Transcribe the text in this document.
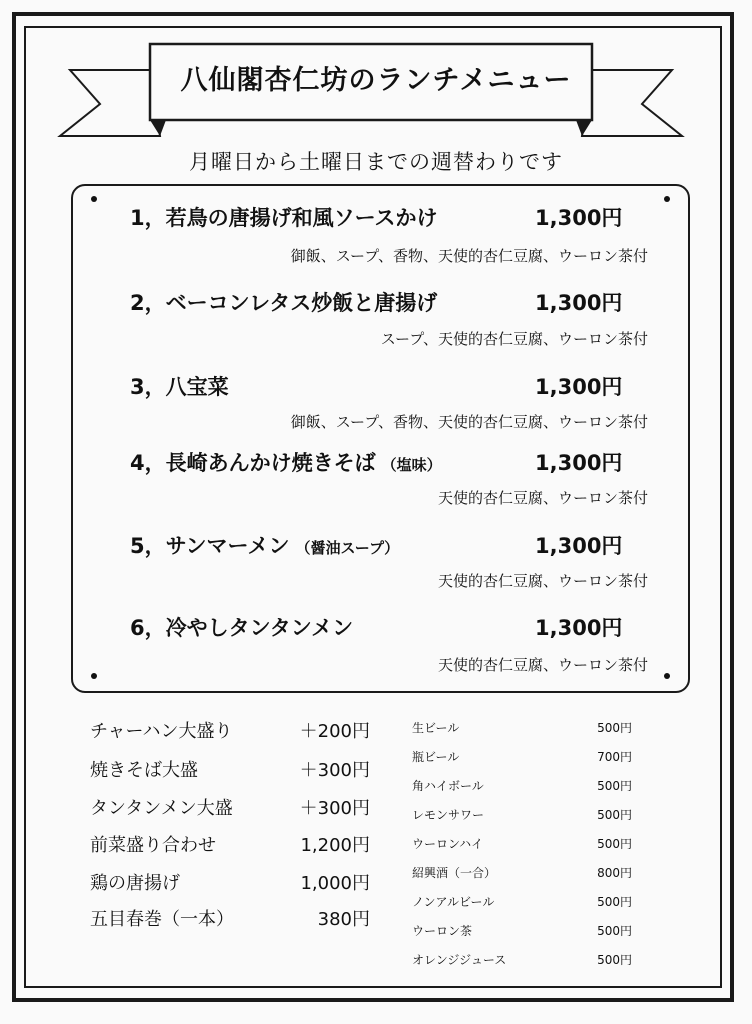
八仙閣杏仁坊のランチメニュー
月曜日から土曜日までの週替わりです
1，若鳥の唐揚げ和風ソースかけ	1,300円
御飯、スープ、香物、天使的杏仁豆腐、ウーロン茶付
2，ベーコンレタス炒飯と唐揚げ	1,300円
スープ、天使的杏仁豆腐、ウーロン茶付
3，八宝菜	1,300円
御飯、スープ、香物、天使的杏仁豆腐、ウーロン茶付
4，長崎あんかけ焼きそば （塩味）	1,300円
天使的杏仁豆腐、ウーロン茶付
5，サンマーメン （醤油スープ）	1,300円
天使的杏仁豆腐、ウーロン茶付
6，冷やしタンタンメン	1,300円
天使的杏仁豆腐、ウーロン茶付
チャーハン大盛り	＋200円
焼きそば大盛	＋300円
タンタンメン大盛	＋300円
前菜盛り合わせ	1,200円
鶏の唐揚げ	1,000円
五目春巻（一本）	380円
生ビール	500円
瓶ビール	700円
角ハイボール	500円
レモンサワー	500円
ウーロンハイ	500円
紹興酒（一合）	800円
ノンアルビール	500円
ウーロン茶	500円
オレンジジュース	500円
